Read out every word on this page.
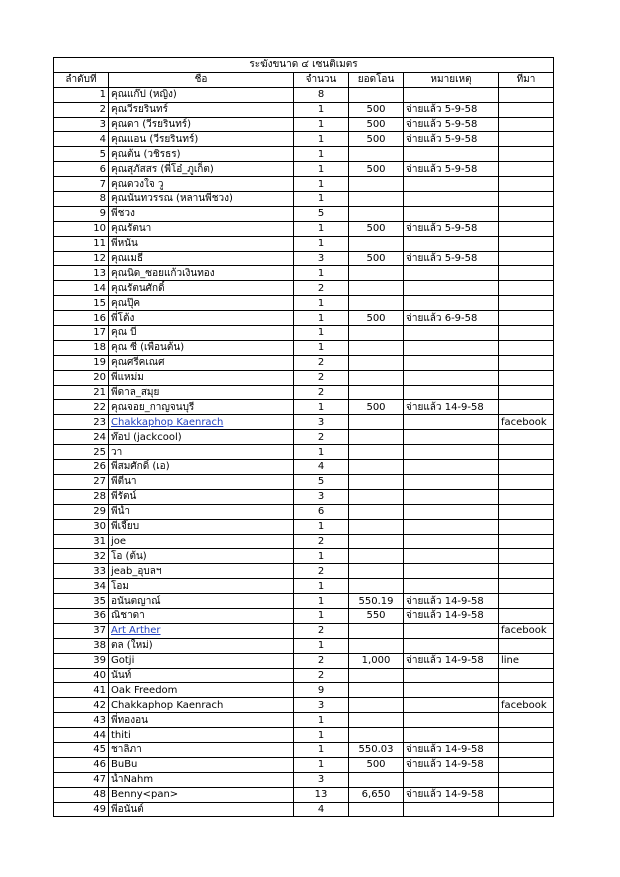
ระฆังขนาด ๔ เซนติเมตร					
ลำดับที่	ชื่อ	จำนวน	ยอดโอน	หมายเหตุ	ที่มา
1	คุณแก๊ป (หญิง)	8			
2	คุณวีรยรินทร์	1	500	จ่ายแล้ว 5-9-58	
3	คุณดา (วีรยรินทร์)	1	500	จ่ายแล้ว 5-9-58	
4	คุณแอน (วีรยรินทร์)	1	500	จ่ายแล้ว 5-9-58	
5	คุณต้น (วชิรธร)	1			
6	คุณสุภัสสร (พี่โอ๋_ภูเก็ต)	1	500	จ่ายแล้ว 5-9-58	
7	คุณดวงใจ วู	1			
8	คุณนันทวรรณ (หลานพี่ชวง)	1			
9	พี่ชวง	5			
10	คุณรัตนา	1	500	จ่ายแล้ว 5-9-58	
11	พี่หนัน	1			
12	คุณเมธี	3	500	จ่ายแล้ว 5-9-58	
13	คุณนิด_ซอยแก้วเงินทอง	1			
14	คุณรัตนศักดิ์	2			
15	คุณปุ๊ค	1			
16	พี่โต้ง	1	500	จ่ายแล้ว 6-9-58	
17	คุณ บี	1			
18	คุณ ซี (เพื่อนต้น)	1			
19	คุณศรีคเณศ	2			
20	พี่แหม่ม	2			
21	พี่ดาล_สมุย	2			
22	คุณจอย_กาญจนบุรี	1	500	จ่ายแล้ว 14-9-58	
23	Chakkaphop Kaenrach	3			facebook
24	ท๊อป (jackcool)	2			
25	วา	1			
26	พี่สมศักดิ์ (เอ)	4			
27	พี่ตี๋นา	5			
28	พี่รัตน์	3			
29	พี่น้ำ	6			
30	พี่เจี๊ยบ	1			
31	joe	2			
32	โอ (ต้น)	1			
33	jeab_อุบลฯ	2			
34	โอม	1			
35	อนันตญาณ์	1	550.19	จ่ายแล้ว 14-9-58	
36	ณิชาดา	1	550	จ่ายแล้ว 14-9-58	
37	Art Arther	2			facebook
38	ตล (ใหม่)	1			
39	Gotji	2	1,000	จ่ายแล้ว 14-9-58	line
40	นันท์	2			
41	Oak Freedom	9			
42	Chakkaphop Kaenrach	3			facebook
43	พี่ทองอน	1			
44	thiti	1			
45	ชาลิภา	1	550.03	จ่ายแล้ว 14-9-58	
46	BuBu	1	500	จ่ายแล้ว 14-9-58	
47	น้ำNahm	3			
48	Benny<pan>	13	6,650	จ่ายแล้ว 14-9-58	
49	พี่อนันต์	4			
